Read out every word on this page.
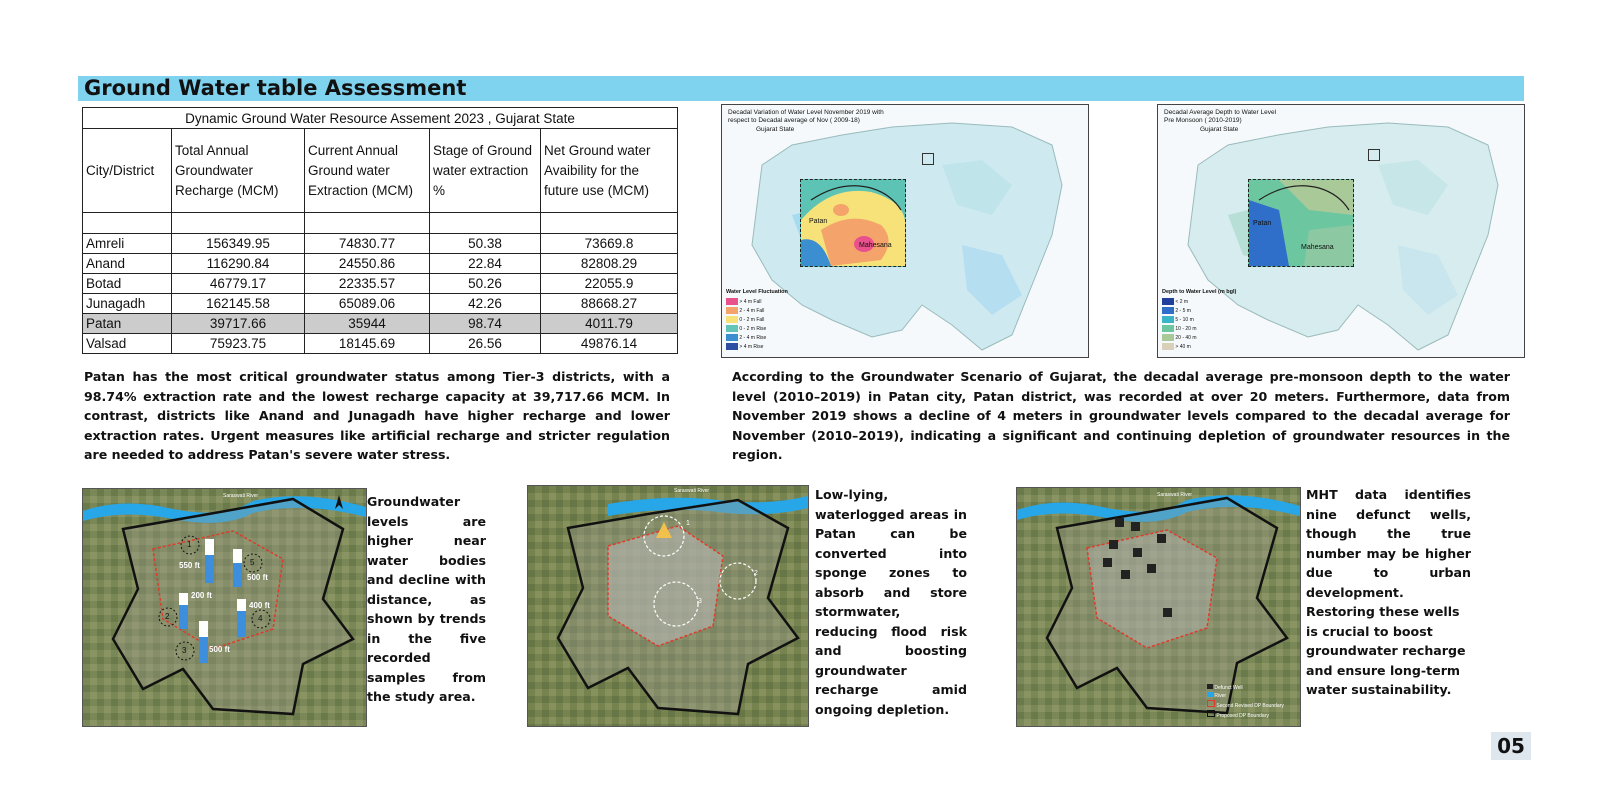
Ground Water table Assessment
Dynamic Ground Water Resource Assement 2023 , Gujarat State				
City/District	Total Annual Groundwater Recharge (MCM)	Current Annual Ground water Extraction (MCM)	Stage of Ground water extraction %	Net Ground water Avaibility for the future use (MCM)

Amreli	156349.95	74830.77	50.38	73669.8
Anand	116290.84	24550.86	22.84	82808.29
Botad	46779.17	22335.57	50.26	22055.9
Junagadh	162145.58	65089.06	42.26	88668.27
Patan	39717.66	35944	98.74	4011.79
Valsad	75923.75	18145.69	26.56	49876.14
Patan has the most critical groundwater status among Tier-3 districts, with a 98.74% extraction rate and the lowest recharge capacity at 39,717.66 MCM. In contrast, districts like Anand and Junagadh have higher recharge and lower extraction rates. Urgent measures like artificial recharge and stricter regulation are needed to address Patan's severe water stress.
According to the Groundwater Scenario of Gujarat, the decadal average pre-monsoon depth to the water level (2010–2019) in Patan city, Patan district, was recorded at over 20 meters. Furthermore, data from November 2019 shows a decline of 4 meters in groundwater levels compared to the decadal average for November (2010–2019), indicating a significant and continuing depletion of groundwater resources in the region.
Patan
Mahesana
Decadal Variation of Water Level November 2019 with respect to Decadal average of Nov ( 2009-18)
Gujarat State
Water Level Fluctuation
> 4 m Fall
2 - 4 m Fall
0 - 2 m Fall
0 - 2 m Rise
2 - 4 m Rise
> 4 m Rise
Patan
Mahesana
Decadal Average Depth to Water Level Pre Monsoon ( 2010-2019)
Gujarat State
Depth to Water Level (m bgl)
< 2 m
2 - 5 m
5 - 10 m
10 - 20 m
20 - 40 m
> 40 m
Saraswati River
1
550 ft	5
500 ft
2
200 ft
4
400 ft
3	500 ft
Groundwater levels are higher near water bodies and decline with distance, as shown by trends in the five recorded samples from the study area.
Saraswati River
1
2
3
Low-lying, waterlogged areas in Patan can be converted into sponge zones to absorb and store stormwater, reducing flood risk and boosting groundwater recharge amid ongoing depletion.
Saraswati River
Defunct Well
River
Second Revised DP Boundary
Proposed DP Boundary
MHT data identifies nine defunct wells, though the true number may be higher due to urban development.
Restoring these wells is crucial to boost groundwater recharge and ensure long-term water sustainability.
05
